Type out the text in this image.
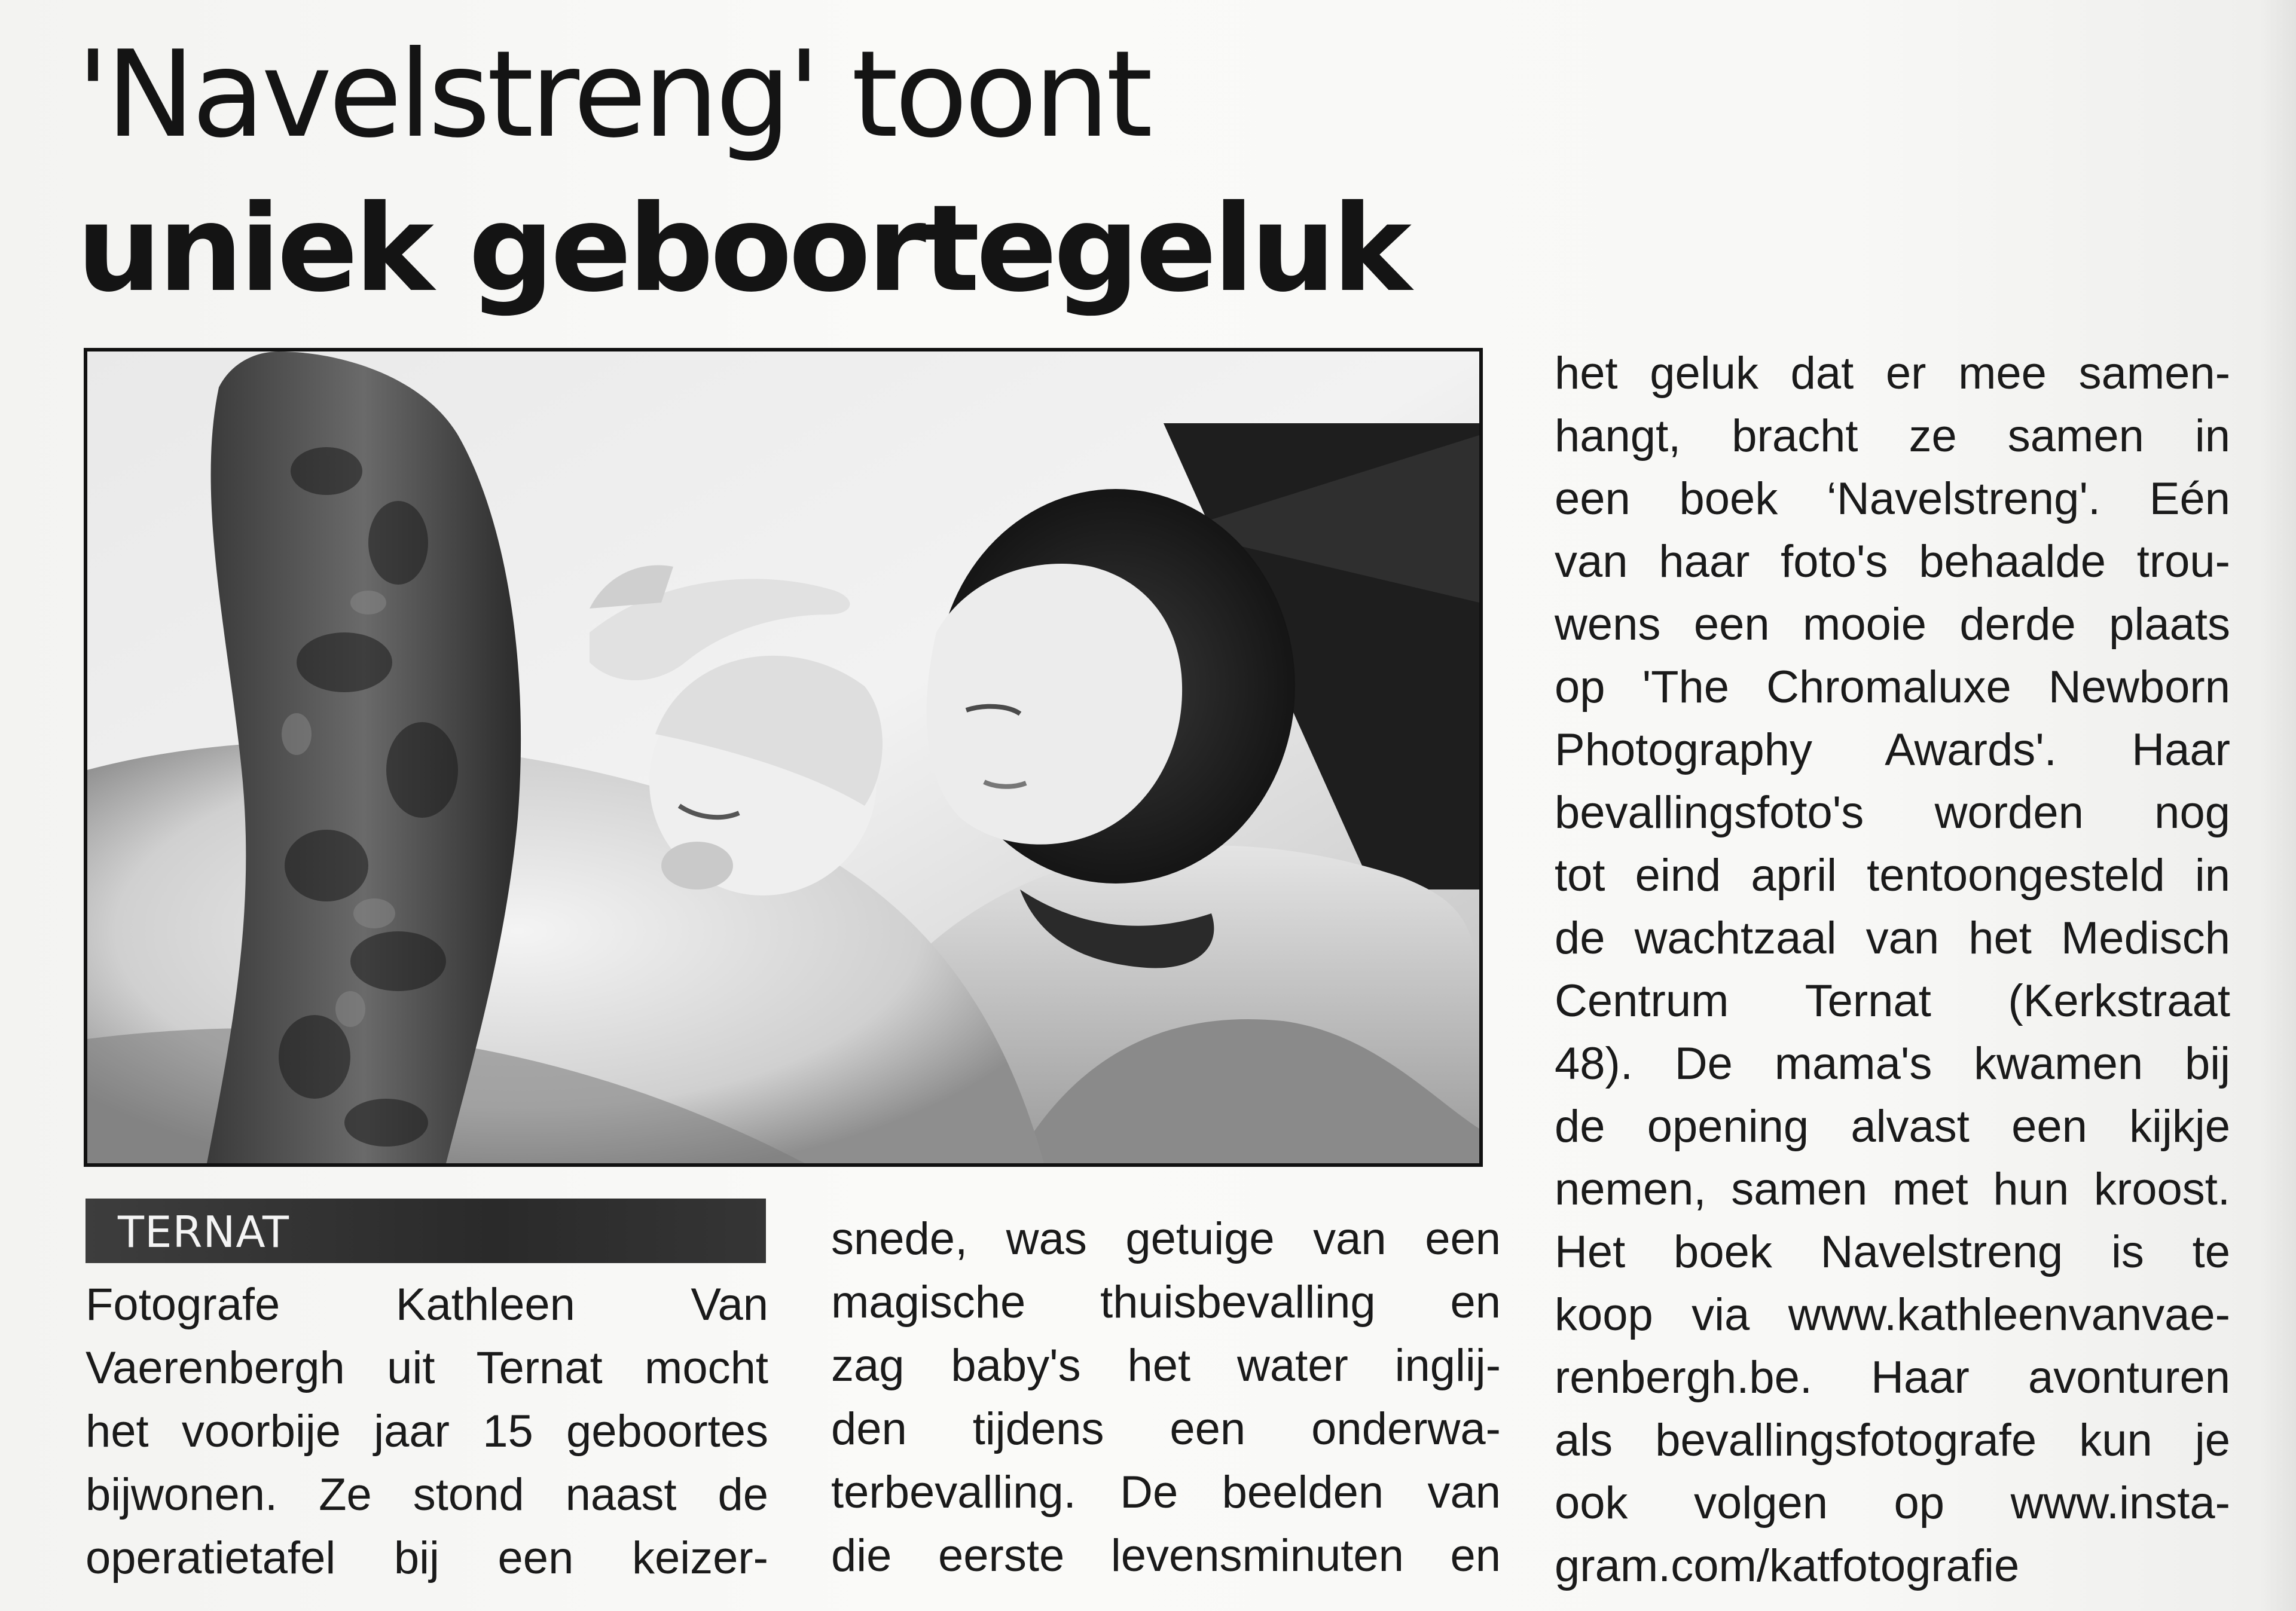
'Navelstreng' toont
uniek geboortegeluk
TERNAT
Fotografe Kathleen Van
Vaerenbergh uit Ternat mocht
het voorbije jaar 15 geboortes
bijwonen. Ze stond naast de
operatietafel bij een keizer-
snede, was getuige van een
magische thuisbevalling en
zag baby's het water inglij-
den tijdens een onderwa-
terbevalling. De beelden van
die eerste levensminuten en
het geluk dat er mee samen-
hangt, bracht ze samen in
een boek ‘Navelstreng'. Eén
van haar foto's behaalde trou-
wens een mooie derde plaats
op 'The Chromaluxe Newborn
Photography Awards'. Haar
bevallingsfoto's worden nog
tot eind april tentoongesteld in
de wachtzaal van het Medisch
Centrum Ternat (Kerkstraat
48). De mama's kwamen bij
de opening alvast een kijkje
nemen, samen met hun kroost.
Het boek Navelstreng is te
koop via www.kathleenvanvae-
renbergh.be. Haar avonturen
als bevallingsfotografe kun je
ook volgen op www.insta-
gram.com/katfotografie
